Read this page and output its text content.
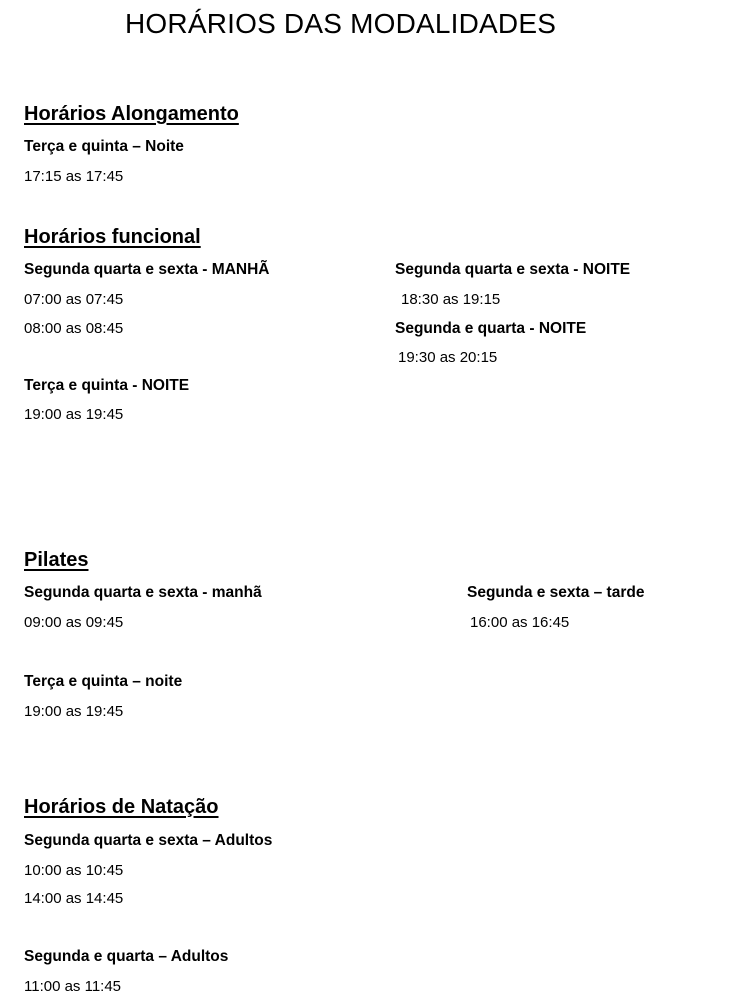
HORÁRIOS DAS MODALIDADES
Horários Alongamento
Terça e quinta – Noite
17:15 as 17:45
Horários funcional
Segunda quarta e sexta - MANHÃ
07:00 as 07:45
08:00 as 08:45
Segunda quarta e sexta - NOITE
18:30 as 19:15
Segunda e quarta - NOITE
19:30 as 20:15
Terça e quinta - NOITE
19:00 as 19:45
Pilates
Segunda quarta e sexta - manhã
09:00 as 09:45
Segunda e sexta – tarde
16:00 as 16:45
Terça e quinta – noite
19:00 as 19:45
Horários de Natação
Segunda quarta e sexta – Adultos
10:00 as 10:45
14:00 as 14:45
Segunda e quarta – Adultos
11:00 as 11:45
